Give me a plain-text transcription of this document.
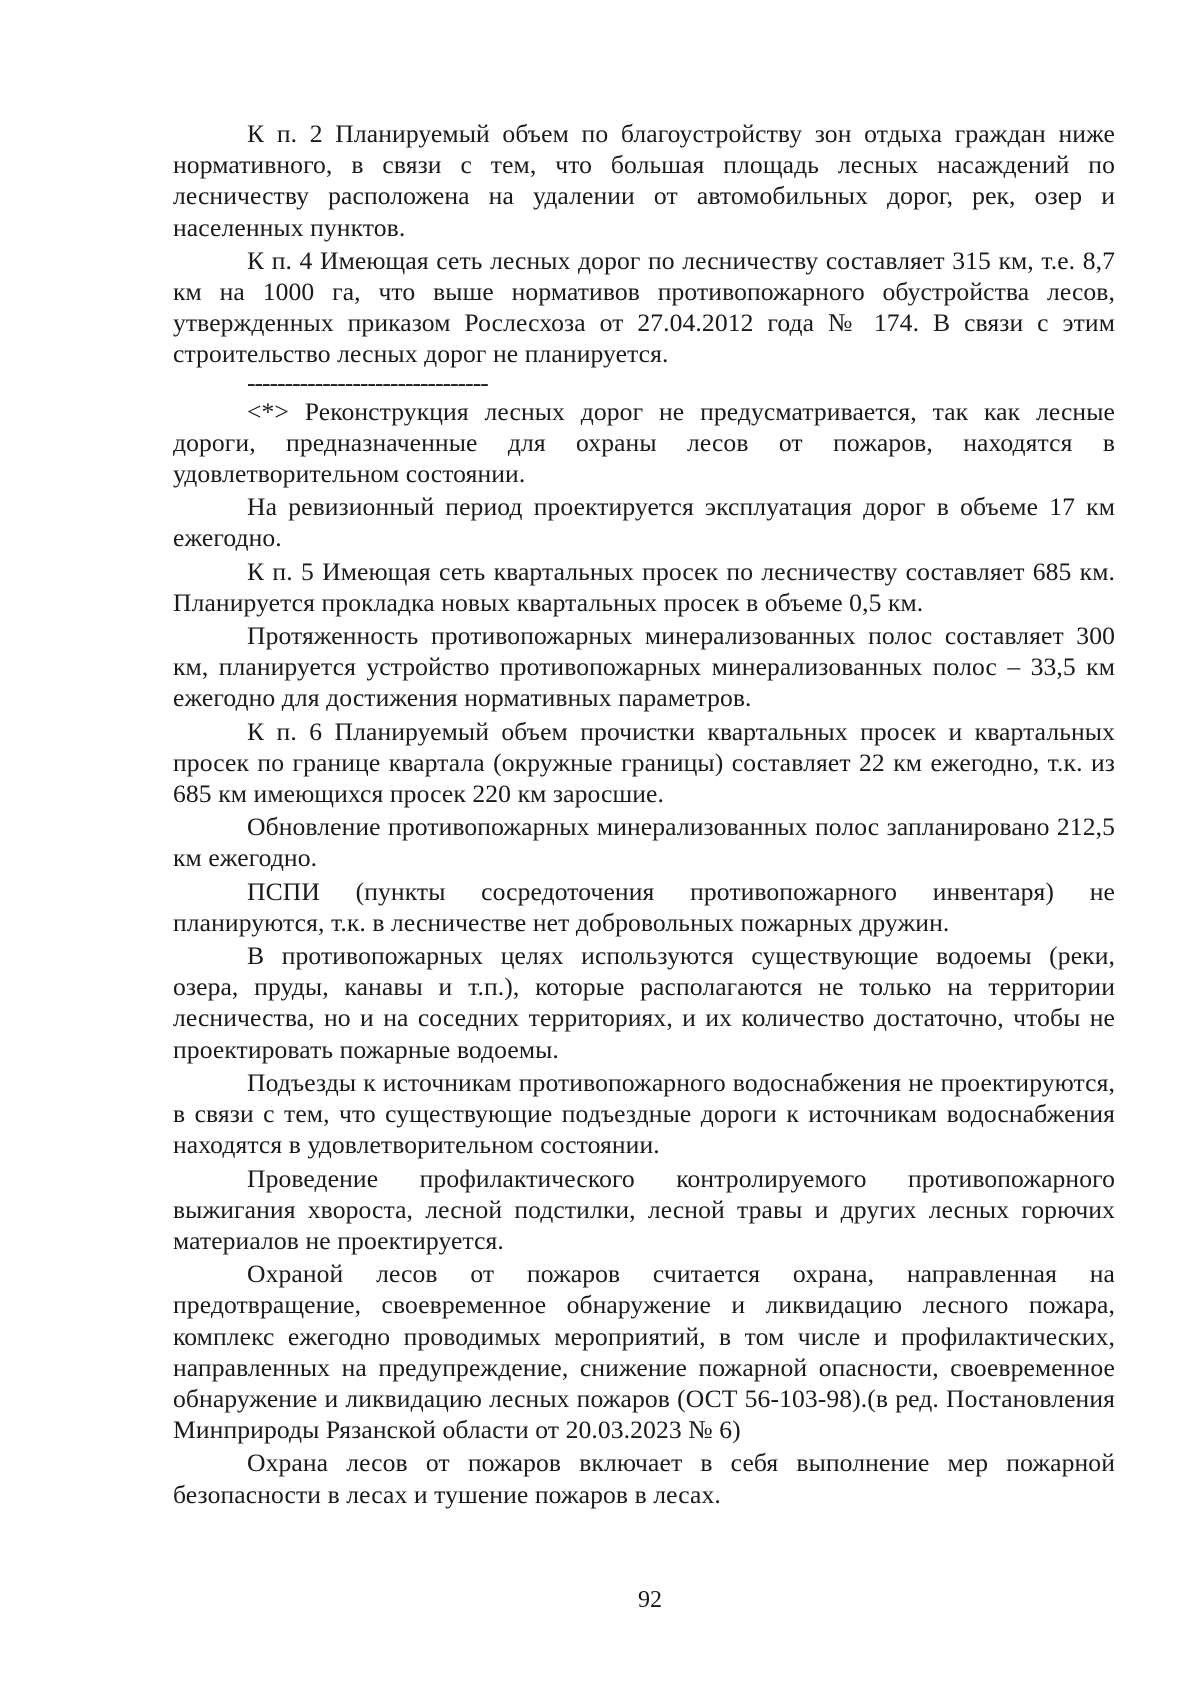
К п. 2 Планируемый объем по благоустройству зон отдыха граждан ниже нормативного, в связи с тем, что большая площадь лесных насаждений по лесничеству расположена на удалении от автомобильных дорог, рек, озер и населенных пунктов.

К п. 4 Имеющая сеть лесных дорог по лесничеству составляет 315 км, т.е. 8,7 км на 1000 га, что выше нормативов противопожарного обустройства лесов, утвержденных приказом Рослесхоза от 27.04.2012 года № 174. В связи с этим строительство лесных дорог не планируется.

--------------------------------

<*> Реконструкция лесных дорог не предусматривается, так как лесные дороги, предназначенные для охраны лесов от пожаров, находятся в удовлетворительном состоянии.

На ревизионный период проектируется эксплуатация дорог в объеме 17 км ежегодно.

К п. 5 Имеющая сеть квартальных просек по лесничеству составляет 685 км. Планируется прокладка новых квартальных просек в объеме 0,5 км.

Протяженность противопожарных минерализованных полос составляет 300 км, планируется устройство противопожарных минерализованных полос – 33,5 км ежегодно для достижения нормативных параметров.

К п. 6 Планируемый объем прочистки квартальных просек и квартальных просек по границе квартала (окружные границы) составляет 22 км ежегодно, т.к. из 685 км имеющихся просек 220 км заросшие.

Обновление противопожарных минерализованных полос запланировано 212,5 км ежегодно.

ПСПИ (пункты сосредоточения противопожарного инвентаря) не планируются, т.к. в лесничестве нет добровольных пожарных дружин.

В противопожарных целях используются существующие водоемы (реки, озера, пруды, канавы и т.п.), которые располагаются не только на территории лесничества, но и на соседних территориях, и их количество достаточно, чтобы не проектировать пожарные водоемы.

Подъезды к источникам противопожарного водоснабжения не проектируются, в связи с тем, что существующие подъездные дороги к источникам водоснабжения находятся в удовлетворительном состоянии.

Проведение профилактического контролируемого противопожарного выжигания хвороста, лесной подстилки, лесной травы и других лесных горючих материалов не проектируется.

Охраной лесов от пожаров считается охрана, направленная на предотвращение, своевременное обнаружение и ликвидацию лесного пожара, комплекс ежегодно проводимых мероприятий, в том числе и профилактических, направленных на предупреждение, снижение пожарной опасности, своевременное обнаружение и ликвидацию лесных пожаров (ОСТ 56-103-98).(в ред. Постановления Минприроды Рязанской области от 20.03.2023 № 6)

Охрана лесов от пожаров включает в себя выполнение мер пожарной безопасности в лесах и тушение пожаров в лесах.

92
